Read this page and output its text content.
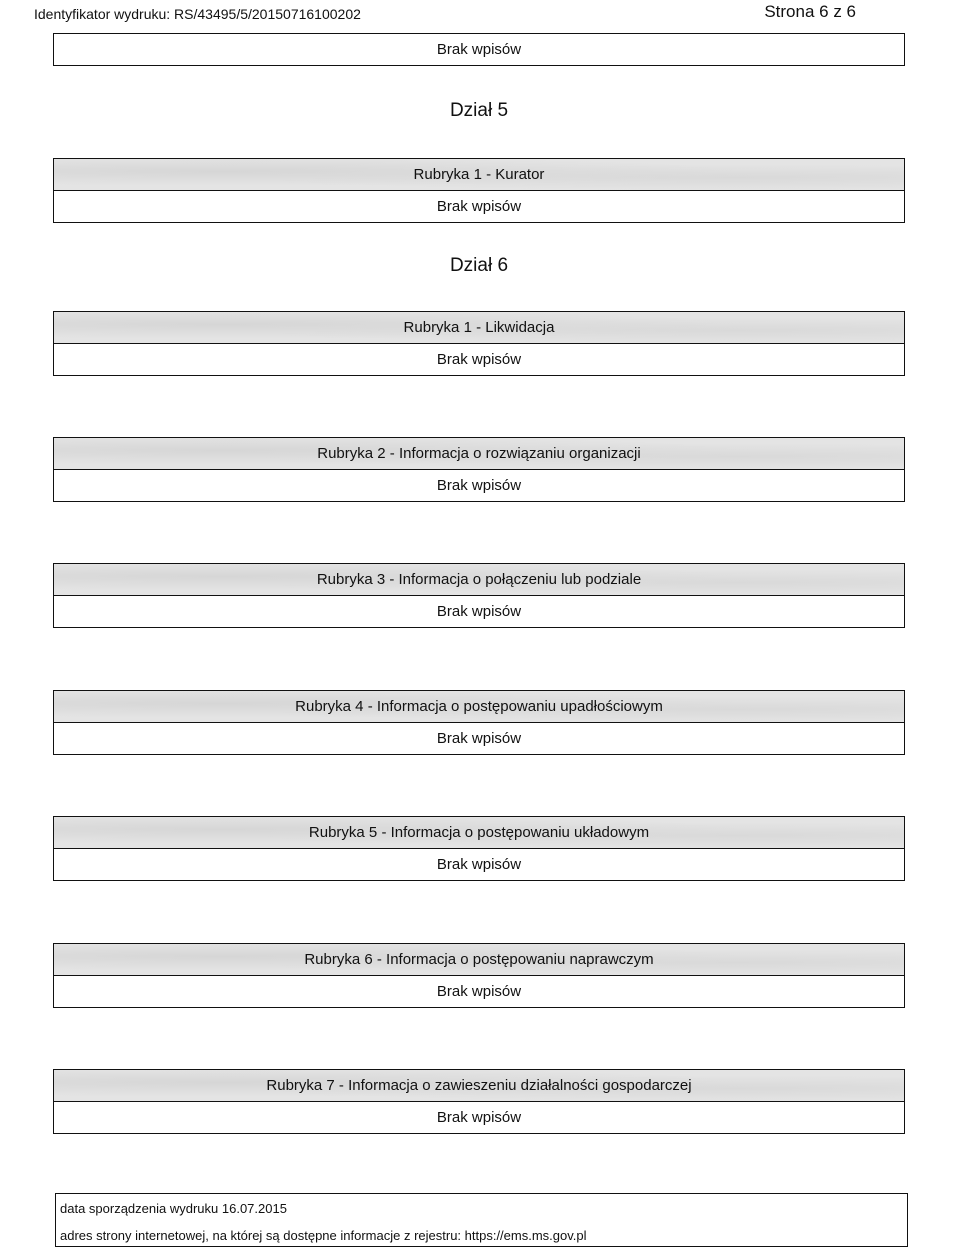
Identyfikator wydruku: RS/43495/5/20150716100202	Strona 6 z 6
Brak wpisów
Dział 5
Rubryka 1 - Kurator
Brak wpisów
Dział 6
Rubryka 1 - Likwidacja
Brak wpisów
Rubryka 2 - Informacja o rozwiązaniu organizacji
Brak wpisów
Rubryka 3 - Informacja o połączeniu lub podziale
Brak wpisów
Rubryka 4 - Informacja o postępowaniu upadłościowym
Brak wpisów
Rubryka 5 - Informacja o postępowaniu układowym
Brak wpisów
Rubryka 6 - Informacja o postępowaniu naprawczym
Brak wpisów
Rubryka 7 - Informacja o zawieszeniu działalności gospodarczej
Brak wpisów
data sporządzenia wydruku 16.07.2015
adres strony internetowej, na której są dostępne informacje z rejestru: https://ems.ms.gov.pl
